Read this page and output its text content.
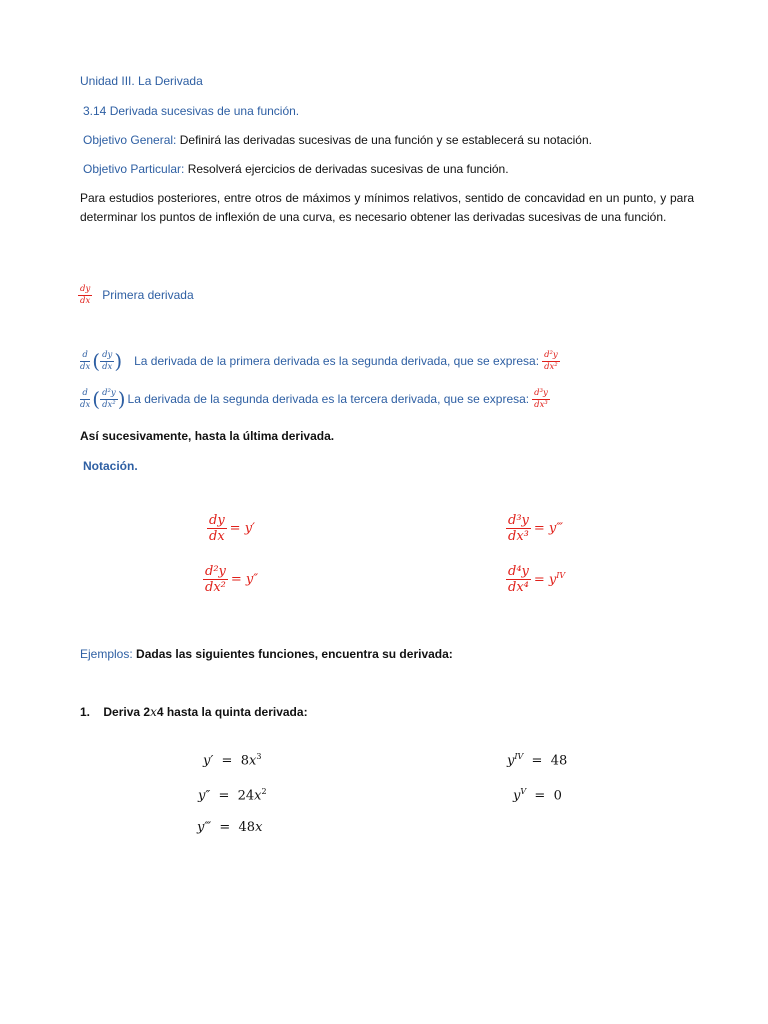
Unidad III. La Derivada
3.14 Derivada sucesivas de una función.
Objetivo General: Definirá las derivadas sucesivas de una función y se establecerá su notación.
Objetivo Particular: Resolverá ejercicios de derivadas sucesivas de una función.
Para estudios posteriores, entre otros de máximos y mínimos relativos, sentido de concavidad en un punto, y para determinar los puntos de inflexión de una curva, es necesario obtener las derivadas sucesivas de una función.
$\frac{dy}{dx}$ Primera derivada
$\frac{d}{dx}$ ( $\frac{dy}{dx}$ ) La derivada de la primera derivada es la segunda derivada, que se expresa: $\frac{\text{d²y}}{\text{dx²}}$
$\frac{d}{dx}$ ( $\frac{\text{d²y}}{\text{dx²}}$ ) La derivada de la segunda derivada es la tercera derivada, que se expresa: $\frac{\text{d³y}}{\text{dx³}}$
Así sucesivamente, hasta la última derivada.
Notación.
$\frac{dy}{dx} = y'$
$\frac{\text{d²y}}{\text{dx²}} = y''$
$\frac{\text{d³y}}{\text{dx³}}$ = y‴
$\frac{\text{d⁴y}}{\text{dx⁴}} = y^{IV}$
Ejemplos: Dadas las siguientes funciones, encuentra su derivada:
1. Deriva 2x4 hasta la quinta derivada:
$y' = 8x^3$
$y'' = 24x^2$
y‴  =  48x
$y^{IV} = 48$
$y^V = 0$
